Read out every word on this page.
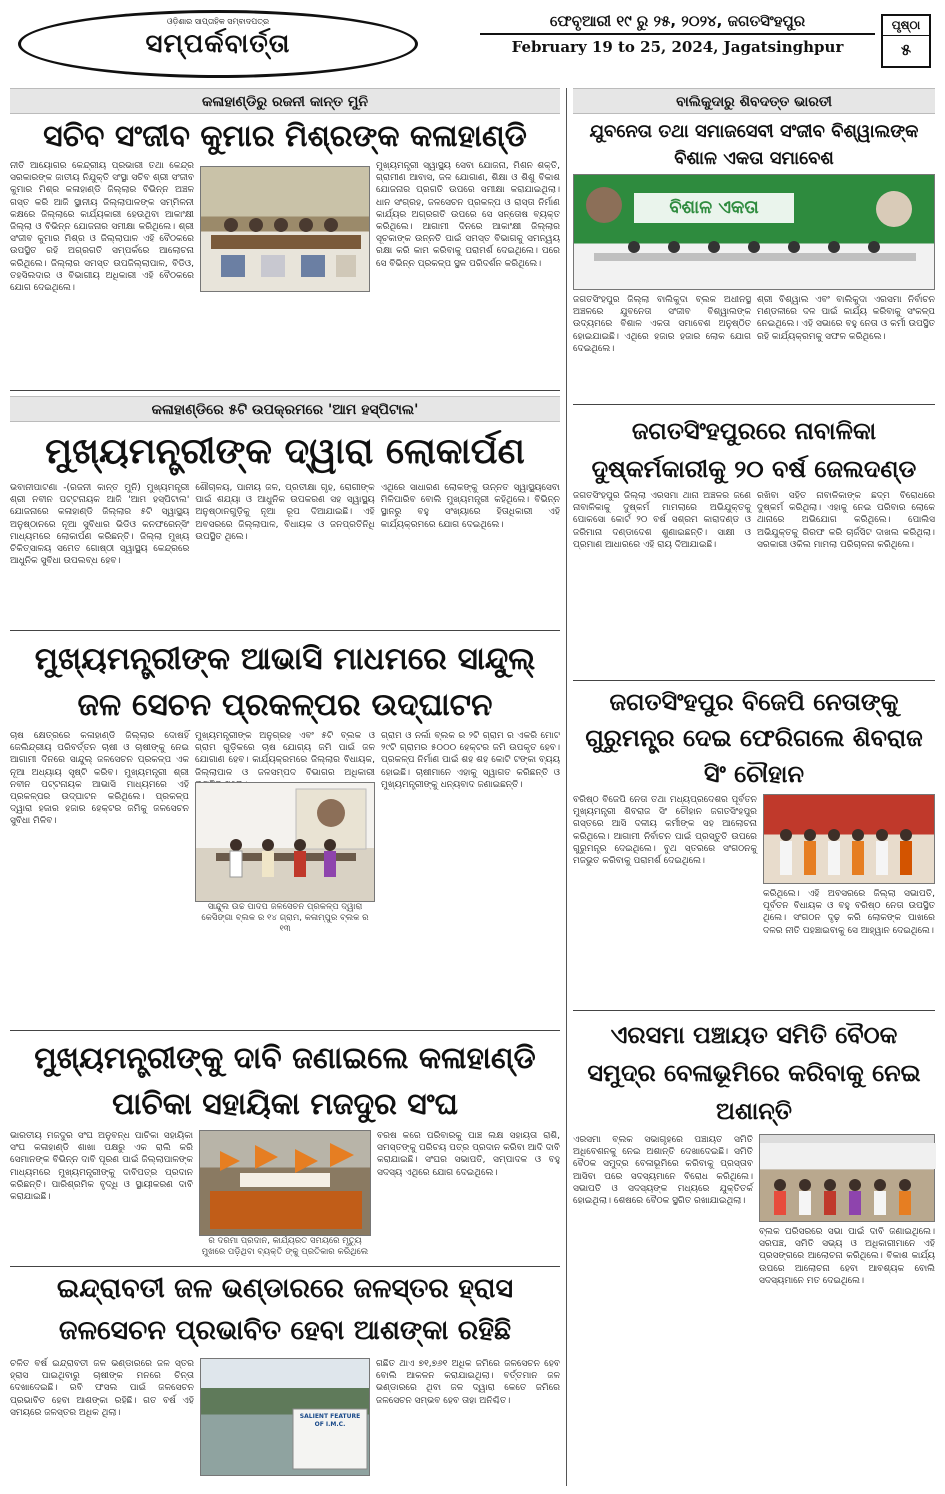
ଓଡ଼ିଶାର ସାପ୍ତାହିକ ସମ୍ବାଦପତ୍ର
ସମ୍ପର୍କବାର୍ତ୍ତା
ଫେବୃଆରୀ ୧୯ ରୁ ୨୫, ୨୦୨୪, ଜଗତସିଂହପୁର
February 19 to 25, 2024, Jagatsinghpur
ପୃଷ୍ଠା
୫
କଳାହାଣ୍ଡିରୁ ରଜନୀ କାନ୍ତ ମୁନି
ସଚିବ ସଂଜୀବ କୁମାର ମିଶ୍ରଙ୍କ କଳାହାଣ୍ଡି
ନୀତି ଆୟୋଗର କେନ୍ଦ୍ରୀୟ ପ୍ରଭାରୀ ତଥା କେନ୍ଦ୍ର ସରକାରଙ୍କ ଜାତୀୟ ନିଯୁକ୍ତି ସଂସ୍ଥା ସଚିବ ଶ୍ରୀ ସଂଜୀବ କୁମାର ମିଶ୍ର କଳାହାଣ୍ଡି ଜିଲ୍ଲାର ବିଭିନ୍ନ ଅଞ୍ଚଳ ଗସ୍ତ କରି ଆଜି ସ୍ଥାନୀୟ ଜିଲ୍ଲାପାଳଙ୍କ ସମ୍ମିଳନୀ କକ୍ଷରେ ଜିଲ୍ଲାରେ କାର୍ଯ୍ୟକାରୀ ହେଉଥିବା ଆକାଂକ୍ଷୀ ଜିଲ୍ଲା ଓ ବିଭିନ୍ନ ଯୋଜନାର ସମୀକ୍ଷା କରିଥିଲେ। ଶ୍ରୀ ସଂଜୀବ କୁମାର ମିଶ୍ର ଓ ଜିଲ୍ଲାପାଳ ଏହି ବୈଠକରେ ଉପସ୍ଥିତ ରହି ଅଗ୍ରଗତି ସମ୍ପର୍କରେ ଆଲୋଚନା କରିଥିଲେ। ଜିଲ୍ଲାର ସମସ୍ତ ଉପଜିଲ୍ଲାପାଳ, ବିଡିଓ, ତହସିଲଦାର ଓ ବିଭାଗୀୟ ଅଧିକାରୀ ଏହି ବୈଠକରେ ଯୋଗ ଦେଇଥିଲେ।
ମୁଖ୍ୟମନ୍ତ୍ରୀ ସ୍ୱାସ୍ଥ୍ୟ ସେବା ଯୋଜନା, ମିଶନ ଶକ୍ତି, ଗ୍ରାମୀଣ ଆବାସ, ଜଳ ଯୋଗାଣ, ଶିକ୍ଷା ଓ ଶିଶୁ ବିକାଶ ଯୋଜନାର ପ୍ରଗତି ଉପରେ ସମୀକ୍ଷା କରାଯାଇଥିଲା। ଧାନ ସଂଗ୍ରହ, ଜଳସେଚନ ପ୍ରକଳ୍ପ ଓ ରାସ୍ତା ନିର୍ମାଣ କାର୍ଯ୍ୟର ଅଗ୍ରଗତି ଉପରେ ସେ ସନ୍ତୋଷ ବ୍ୟକ୍ତ କରିଥିଲେ। ଆଗାମୀ ଦିନରେ ଆକାଂକ୍ଷୀ ଜିଲ୍ଲାର ସୂଚକାଙ୍କ ଉନ୍ନତି ପାଇଁ ସମସ୍ତ ବିଭାଗକୁ ସମନ୍ୱୟ ରକ୍ଷା କରି କାମ କରିବାକୁ ପରାମର୍ଶ ଦେଇଥିଲେ। ପରେ ସେ ବିଭିନ୍ନ ପ୍ରକଳ୍ପ ସ୍ଥଳ ପରିଦର୍ଶନ କରିଥିଲେ।
କଳାହାଣ୍ଡିରେ ୫ଟି ଉପକ୍ରମରେ 'ଆମ ହସ୍ପିଟାଲ'
ମୁଖ୍ୟମନ୍ତ୍ରୀଙ୍କ ଦ୍ୱାରା ଲୋକାର୍ପଣ
ଭବାନୀପାଟଣା -(ରଜନୀ କାନ୍ତ ମୁନି) ମୁଖ୍ୟମନ୍ତ୍ରୀ ଶ୍ରୀ ନବୀନ ପଟ୍ଟନାୟକ ଆଜି 'ଆମ ହସ୍ପିଟାଲ' ଯୋଜନାରେ କଳାହାଣ୍ଡି ଜିଲ୍ଲାର ୫ଟି ସ୍ୱାସ୍ଥ୍ୟ ଅନୁଷ୍ଠାନରେ ନୂଆ ସୁବିଧାର ଭିଡିଓ କନଫରେନ୍ସିଂ ମାଧ୍ୟମରେ ଲୋକାର୍ପଣ କରିଛନ୍ତି। ଜିଲ୍ଲା ମୁଖ୍ୟ ଚିକିତ୍ସାଳୟ ସମେତ ଗୋଷ୍ଠୀ ସ୍ୱାସ୍ଥ୍ୟ କେନ୍ଦ୍ରରେ ଆଧୁନିକ ସୁବିଧା ଉପଲବ୍ଧ ହେବ।
ଶୌଚାଳୟ, ପାନୀୟ ଜଳ, ପ୍ରତୀକ୍ଷା ଗୃହ, ରୋଗୀଙ୍କ ପାଇଁ ଶଯ୍ୟା ଓ ଆଧୁନିକ ଉପକରଣ ସହ ସ୍ୱାସ୍ଥ୍ୟ ଅନୁଷ୍ଠାନଗୁଡ଼ିକୁ ନୂଆ ରୂପ ଦିଆଯାଇଛି। ଏହି ଅବସରରେ ଜିଲ୍ଲାପାଳ, ବିଧାୟକ ଓ ଜନପ୍ରତିନିଧି ଉପସ୍ଥିତ ଥିଲେ।
ଏଥିରେ ସାଧାରଣ ଲୋକଙ୍କୁ ଉନ୍ନତ ସ୍ୱାସ୍ଥ୍ୟସେବା ମିଳିପାରିବ ବୋଲି ମୁଖ୍ୟମନ୍ତ୍ରୀ କହିଥିଲେ। ବିଭିନ୍ନ ସ୍ଥାନରୁ ବହୁ ସଂଖ୍ୟାରେ ହିତାଧିକାରୀ ଏହି କାର୍ଯ୍ୟକ୍ରମରେ ଯୋଗ ଦେଇଥିଲେ।
ମୁଖ୍ୟମନ୍ତ୍ରୀଙ୍କ ଆଭାସି ମାଧମରେ ସାନ୍ଦୁଲ୍ ଜଳ ସେଚନ ପ୍ରକଳ୍ପର ଉଦ୍‌ଘାଟନ
ଚାଷ କ୍ଷେତ୍ରରେ କଳାହାଣ୍ଡି ଜିଲ୍ଲାର ଦୋଷହିଁ ଜେଲିନ୍ଦ୍ରୀୟ ପରିବର୍ତ୍ତନ ଚାଷୀ ଓ ଚାଷୀଙ୍କୁ ନେଇ ଆଗାମୀ ଦିନରେ ସାନ୍ଦୁଲ୍ ଜଳସେଚନ ପ୍ରକଳ୍ପ ଏକ ନୂଆ ଅଧ୍ୟାୟ ସୃଷ୍ଟି କରିବ। ମୁଖ୍ୟମନ୍ତ୍ରୀ ଶ୍ରୀ ନବୀନ ପଟ୍ଟନାୟକ ଆଭାସି ମାଧ୍ୟମରେ ଏହି ପ୍ରକଳ୍ପର ଉଦ୍‌ଘାଟନ କରିଥିଲେ। ପ୍ରକଳ୍ପ ଦ୍ୱାରା ହଜାର ହଜାର ହେକ୍ଟର ଜମିକୁ ଜଳସେଚନ ସୁବିଧା ମିଳିବ।
ମୁଖ୍ୟମନ୍ତ୍ରୀଙ୍କ ଅନୁଗ୍ରହ ଏବଂ ୫ଟି ବ୍ଲକ ଓ ଗ୍ରାମ ଗୁଡ଼ିକରେ ଚାଷ ଯୋଗ୍ୟ ଜମି ପାଇଁ ଜଳ ଯୋଗାଣ ହେବ। କାର୍ଯ୍ୟକ୍ରମରେ ଜିଲ୍ଲାର ବିଧାୟକ, ଜିଲ୍ଲାପାଳ ଓ ଜଳସମ୍ପଦ ବିଭାଗର ଅଧିକାରୀ
ସାନ୍ଦୁଲ ଉଚ୍ଚ ପାଦପ ଜଳସେଚନ ପ୍ରକଳ୍ପ ଦ୍ୱାରା କେସିଙ୍ଗା ବ୍ଲକ ର ୧୪ ଗ୍ରାମ, କଳାମ୍ପୁର ବ୍ଲକ ର ୧୩
ଗ୍ରାମ ଓ ନର୍ଲା ବ୍ଲକ ର ୨ଟି ଗ୍ରାମ ର ଏକରି ମୋଟ ୨୯ଟି ଗ୍ରାମର ୫୦୦୦ ହେକ୍ଟର ଜମି ଉପକୃତ ହେବ। ପ୍ରକଳ୍ପ ନିର୍ମାଣ ପାଇଁ ଶହ ଶହ କୋଟି ଟଙ୍କା ବ୍ୟୟ ହୋଇଛି। ଚାଷୀମାନେ ଏହାକୁ ସ୍ୱାଗତ କରିଛନ୍ତି ଓ ମୁଖ୍ୟମନ୍ତ୍ରୀଙ୍କୁ ଧନ୍ୟବାଦ ଜଣାଇଛନ୍ତି।
ମୁଖ୍ୟମନ୍ତ୍ରୀଙ୍କୁ ଦାବି ଜଣାଇଲେ କଳାହାଣ୍ଡି ପାଚିକା ସହାୟିକା ମଜଦୁର ସଂଘ
ଭାରତୀୟ ମଜଦୁର ସଂଘ ଅନୁବନ୍ଧ ପାଚିକା ସହାୟିକା ସଂଘ କଳାହାଣ୍ଡି ଶାଖା ପକ୍ଷରୁ ଏକ ରାଲି କରି ସେମାନଙ୍କ ବିଭିନ୍ନ ଦାବି ପୂରଣ ପାଇଁ ଜିଲ୍ଲାପାଳଙ୍କ ମାଧ୍ୟମରେ ମୁଖ୍ୟମନ୍ତ୍ରୀଙ୍କୁ ଦାବିପତ୍ର ପ୍ରଦାନ କରିଛନ୍ତି। ପାରିଶ୍ରମିକ ବୃଦ୍ଧି ଓ ସ୍ଥାୟୀକରଣ ଦାବି କରାଯାଇଛି।
ର ଦରମା ପ୍ରଦାନ, କାର୍ଯ୍ୟରତ ସମୟରେ ମୃତ୍ୟୁ ମୁଖରେ ପଡ଼ିଥିବା ବ୍ୟକ୍ତି ଙ୍କୁ ପ୍ରତିକାର କରିଥିଲେ
ବରଷ କରେ ପରିବାରକୁ ପାଞ୍ଚ ଲକ୍ଷ ସହାୟତା ରାଶି, ସମସ୍ତଙ୍କୁ ପରିଚୟ ପତ୍ର ପ୍ରଦାନ କରିବା ଆଦି ଦାବି କରାଯାଇଛି। ସଂଘର ସଭାପତି, ସମ୍ପାଦକ ଓ ବହୁ ସଦସ୍ୟ ଏଥିରେ ଯୋଗ ଦେଇଥିଲେ।
ଇନ୍ଦ୍ରାବତୀ ଜଳ ଭଣ୍ଡାରରେ ଜଳସ୍ତର ହ୍ରାସ ଜଳସେଚନ ପ୍ରଭାବିତ ହେବା ଆଶଙ୍କା ରହିଛି
ଚଳିତ ବର୍ଷ ଇନ୍ଦ୍ରାବତୀ ଜଳ ଭଣ୍ଡାରରେ ଜଳ ସ୍ତର ହ୍ରାସ ପାଇଥିବାରୁ ଚାଷୀଙ୍କ ମନରେ ଚିନ୍ତା ଦେଖାଦେଇଛି। ରବି ଫସଲ ପାଇଁ ଜଳସେଚନ ପ୍ରଭାବିତ ହେବା ଆଶଙ୍କା ରହିଛି। ଗତ ବର୍ଷ ଏହି ସମୟରେ ଜଳସ୍ତର ଅଧିକ ଥିଲା।	SALIENT FEATURE OF I.M.C.
ଗଛିତ ଥାଏ ୭୧,୭୬୧ ଅଧିକ ଜମିରେ ଜଳସେଚନ ହେବ ବୋଲି ଆକଳନ କରାଯାଇଥିଲା। ବର୍ତ୍ତମାନ ଜଳ ଭଣ୍ଡାରରେ ଥିବା ଜଳ ଦ୍ୱାରା କେତେ ଜମିରେ ଜଳସେଚନ ସମ୍ଭବ ହେବ ତାହା ଅନିଶ୍ଚିତ।
ବାଲିକୁଦାରୁ ଶିବଦତ୍ତ ଭାରତୀ
ଯୁବନେତା ତଥା ସମାଜସେବୀ ସଂଜୀବ ବିଶ୍ୱାଲଙ୍କ ବିଶାଳ ଏକତା ସମାବେଶ
ବିଶାଳ ଏକତା
ଜଗତସିଂହପୁର ଜିଲ୍ଲା ବାଲିକୁଦା ବ୍ଲକ ଅଧୀନସ୍ଥ ଅଞ୍ଚଳରେ ଯୁବନେତା ସଂଜୀବ ବିଶ୍ୱାଲଙ୍କ ଉଦ୍ୟମରେ ବିଶାଳ ଏକତା ସମାବେଶ ଅନୁଷ୍ଠିତ ହୋଇଯାଇଛି। ଏଥିରେ ହଜାର ହଜାର ଲୋକ ଯୋଗ ଦେଇଥିଲେ।
ଶ୍ରୀ ବିଶ୍ୱାଲ ଏବଂ ବାଲିକୁଦା ଏରସମା ନିର୍ବାଚନ ମଣ୍ଡଳୀରେ ଦଳ ପାଇଁ କାର୍ଯ୍ୟ କରିବାକୁ ସଂକଳ୍ପ ନେଇଥିଲେ। ଏହି ସଭାରେ ବହୁ ନେତା ଓ କର୍ମୀ ଉପସ୍ଥିତ ରହି କାର୍ଯ୍ୟକ୍ରମକୁ ସଫଳ କରିଥିଲେ।
ଜଗତସିଂହପୁରରେ ନାବାଳିକା ଦୁଷ୍କର୍ମକାରୀକୁ ୨୦ ବର୍ଷ ଜେଲଦଣ୍ଡ
ଜଗତସିଂହପୁର ଜିଲ୍ଲା ଏରସମା ଥାନା ଅଞ୍ଚଳର ଜଣେ ନାବାଳିକାକୁ ଦୁଷ୍କର୍ମ ମାମଲାରେ ଅଭିଯୁକ୍ତକୁ ପୋକସୋ କୋର୍ଟ ୨୦ ବର୍ଷ ସଶ୍ରମ କାରାଦଣ୍ଡ ଓ ଜରିମାନା ଦଣ୍ଡାଦେଶ ଶୁଣାଇଛନ୍ତି। ସାକ୍ଷୀ ଓ ପ୍ରମାଣ ଆଧାରରେ ଏହି ରାୟ ଦିଆଯାଇଛି।
ରଖିବା ସହିତ ନାବାଳିକାଙ୍କ ଛଦ୍ମ ବିରୋଧରେ ଦୁଷ୍କର୍ମ କରିଥିଲା। ଏହାକୁ ନେଇ ପରିବାର ଲୋକେ ଥାନାରେ ଅଭିଯୋଗ କରିଥିଲେ। ପୋଲିସ ଅଭିଯୁକ୍ତକୁ ଗିରଫ କରି ଚାର୍ଜସିଟ ଦାଖଲ କରିଥିଲା। ସରକାରୀ ଓକିଲ ମାମଲା ପରିଚାଳନା କରିଥିଲେ।
ଜଗତସିଂହପୁର ବିଜେପି ନେତାଙ୍କୁ ଗୁରୁମନ୍ତ୍ର ଦେଇ ଫେରିଗଲେ ଶିବରାଜ ସିଂ ଚୌହାନ
ବରିଷ୍ଠ ବିଜେପି ନେତା ତଥା ମଧ୍ୟପ୍ରଦେଶର ପୂର୍ବତନ ମୁଖ୍ୟମନ୍ତ୍ରୀ ଶିବରାଜ ସିଂ ଚୌହାନ ଜଗତସିଂହପୁର ଗସ୍ତରେ ଆସି ଦଳୀୟ କର୍ମୀଙ୍କ ସହ ଆଲୋଚନା କରିଥିଲେ। ଆଗାମୀ ନିର୍ବାଚନ ପାଇଁ ପ୍ରସ୍ତୁତି ଉପରେ ଗୁରୁମନ୍ତ୍ର ଦେଇଥିଲେ। ବୁଥ ସ୍ତରରେ ସଂଗଠନକୁ ମଜଭୁତ କରିବାକୁ ପରାମର୍ଶ ଦେଇଥିଲେ।
କରିଥିଲେ। ଏହି ଅବସରରେ ଜିଲ୍ଲା ସଭାପତି, ପୂର୍ବତନ ବିଧାୟକ ଓ ବହୁ ବରିଷ୍ଠ ନେତା ଉପସ୍ଥିତ ଥିଲେ। ସଂଗଠନ ଦୃଢ଼ କରି ଲୋକଙ୍କ ପାଖରେ ଦଳର ନୀତି ପହଞ୍ଚାଇବାକୁ ସେ ଆହ୍ୱାନ ଦେଇଥିଲେ।
ଏରସମା ପଞ୍ଚାୟତ ସମିତି ବୈଠକ ସମୁଦ୍ର ବେଳାଭୂମିରେ କରିବାକୁ ନେଇ ଅଶାନ୍ତି
ଏରସମା ବ୍ଲକ ସଭାଗୃହରେ ପଞ୍ଚାୟତ ସମିତି ଅଧିବେଶନକୁ ନେଇ ଅଶାନ୍ତି ଦେଖାଦେଇଛି। ସମିତି ବୈଠକ ସମୁଦ୍ର ବେଳାଭୂମିରେ କରିବାକୁ ପ୍ରସ୍ତାବ ଆସିବା ପରେ ସଦସ୍ୟମାନେ ବିରୋଧ କରିଥିଲେ। ସଭାପତି ଓ ସଦସ୍ୟଙ୍କ ମଧ୍ୟରେ ଯୁକ୍ତିତର୍କ ହୋଇଥିଲା। ଶେଷରେ ବୈଠକ ସ୍ଥଗିତ ରଖାଯାଇଥିଲା।
ବ୍ଲକ ପରିସରରେ ସଭା ପାଇଁ ଦାବି ଜଣାଇଥିଲେ। ସରପଞ୍ଚ, ସମିତି ସଭ୍ୟ ଓ ଅଧିକାରୀମାନେ ଏହି ପ୍ରସଙ୍ଗରେ ଆଲୋଚନା କରିଥିଲେ। ବିକାଶ କାର୍ଯ୍ୟ ଉପରେ ଆଲୋଚନା ହେବା ଆବଶ୍ୟକ ବୋଲି ସଦସ୍ୟମାନେ ମତ ଦେଇଥିଲେ।
